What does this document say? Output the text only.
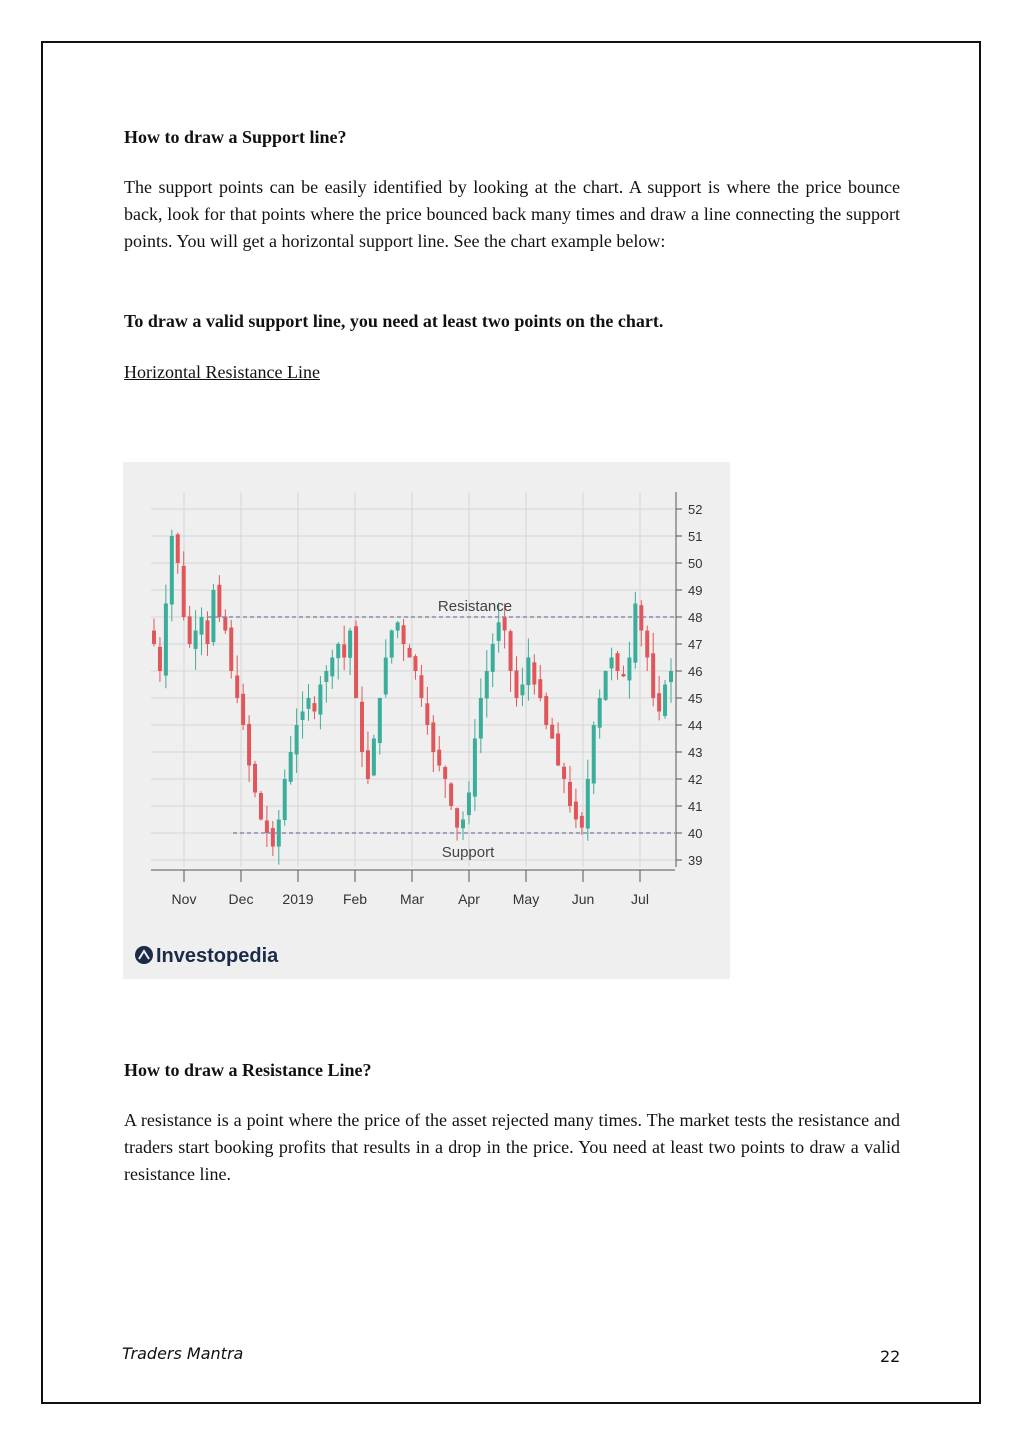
How to draw a Support line?

The support points can be easily identified by looking at the chart. A support is where the price bounce back, look for that points where the price bounced back many times and draw a line connecting the support points. You will get a horizontal support line. See the chart example below:

To draw a valid support line, you need at least two points on the chart.

Horizontal Resistance Line
52
51
50
49
48
47
46
45
44
43
42
41
40
39
Nov Dec 2019 Feb Mar Apr May Jun	Jul
Resistance
Support
Investopedia
How to draw a Resistance Line?

A resistance is a point where the price of the asset rejected many times. The market tests the resistance and traders start booking profits that results in a drop in the price. You need at least two points to draw a valid resistance line.

Traders Mantra	22
